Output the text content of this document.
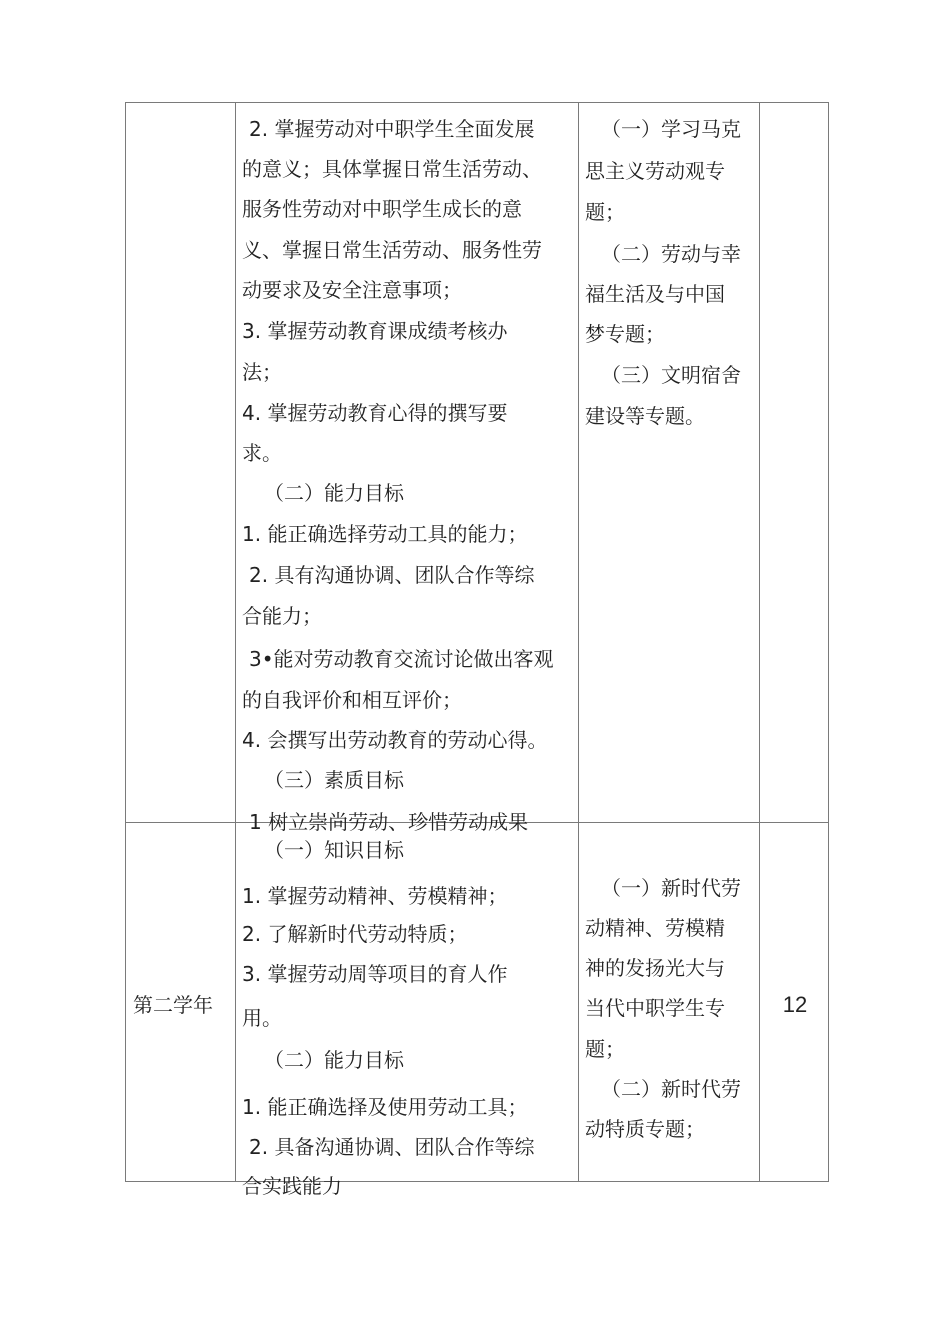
2. 掌握劳动对中职学生全面发展
的意义；具体掌握日常生活劳动、
服务性劳动对中职学生成长的意
义、掌握日常生活劳动、服务性劳
动要求及安全注意事项；
3. 掌握劳动教育课成绩考核办
法；
4. 掌握劳动教育心得的撰写要
求。
（二）能力目标
1. 能正确选择劳动工具的能力；
2. 具有沟通协调、团队合作等综
合能力；
3•能对劳动教育交流讨论做出客观
的自我评价和相互评价；
4. 会撰写出劳动教育的劳动心得。
（三）素质目标
1 树立崇尚劳动、珍惜劳动成果
（一）学习马克
思主义劳动观专
题；
（二）劳动与幸
福生活及与中国
梦专题；
（三）文明宿舍
建设等专题。
第二学年
（一）知识目标
1. 掌握劳动精神、劳模精神；
2. 了解新时代劳动特质；
3. 掌握劳动周等项目的育人作
用。
（二）能力目标
1. 能正确选择及使用劳动工具；
2. 具备沟通协调、团队合作等综
合实践能力
（一）新时代劳
动精神、劳模精
神的发扬光大与
当代中职学生专
题；
（二）新时代劳
动特质专题；
12
